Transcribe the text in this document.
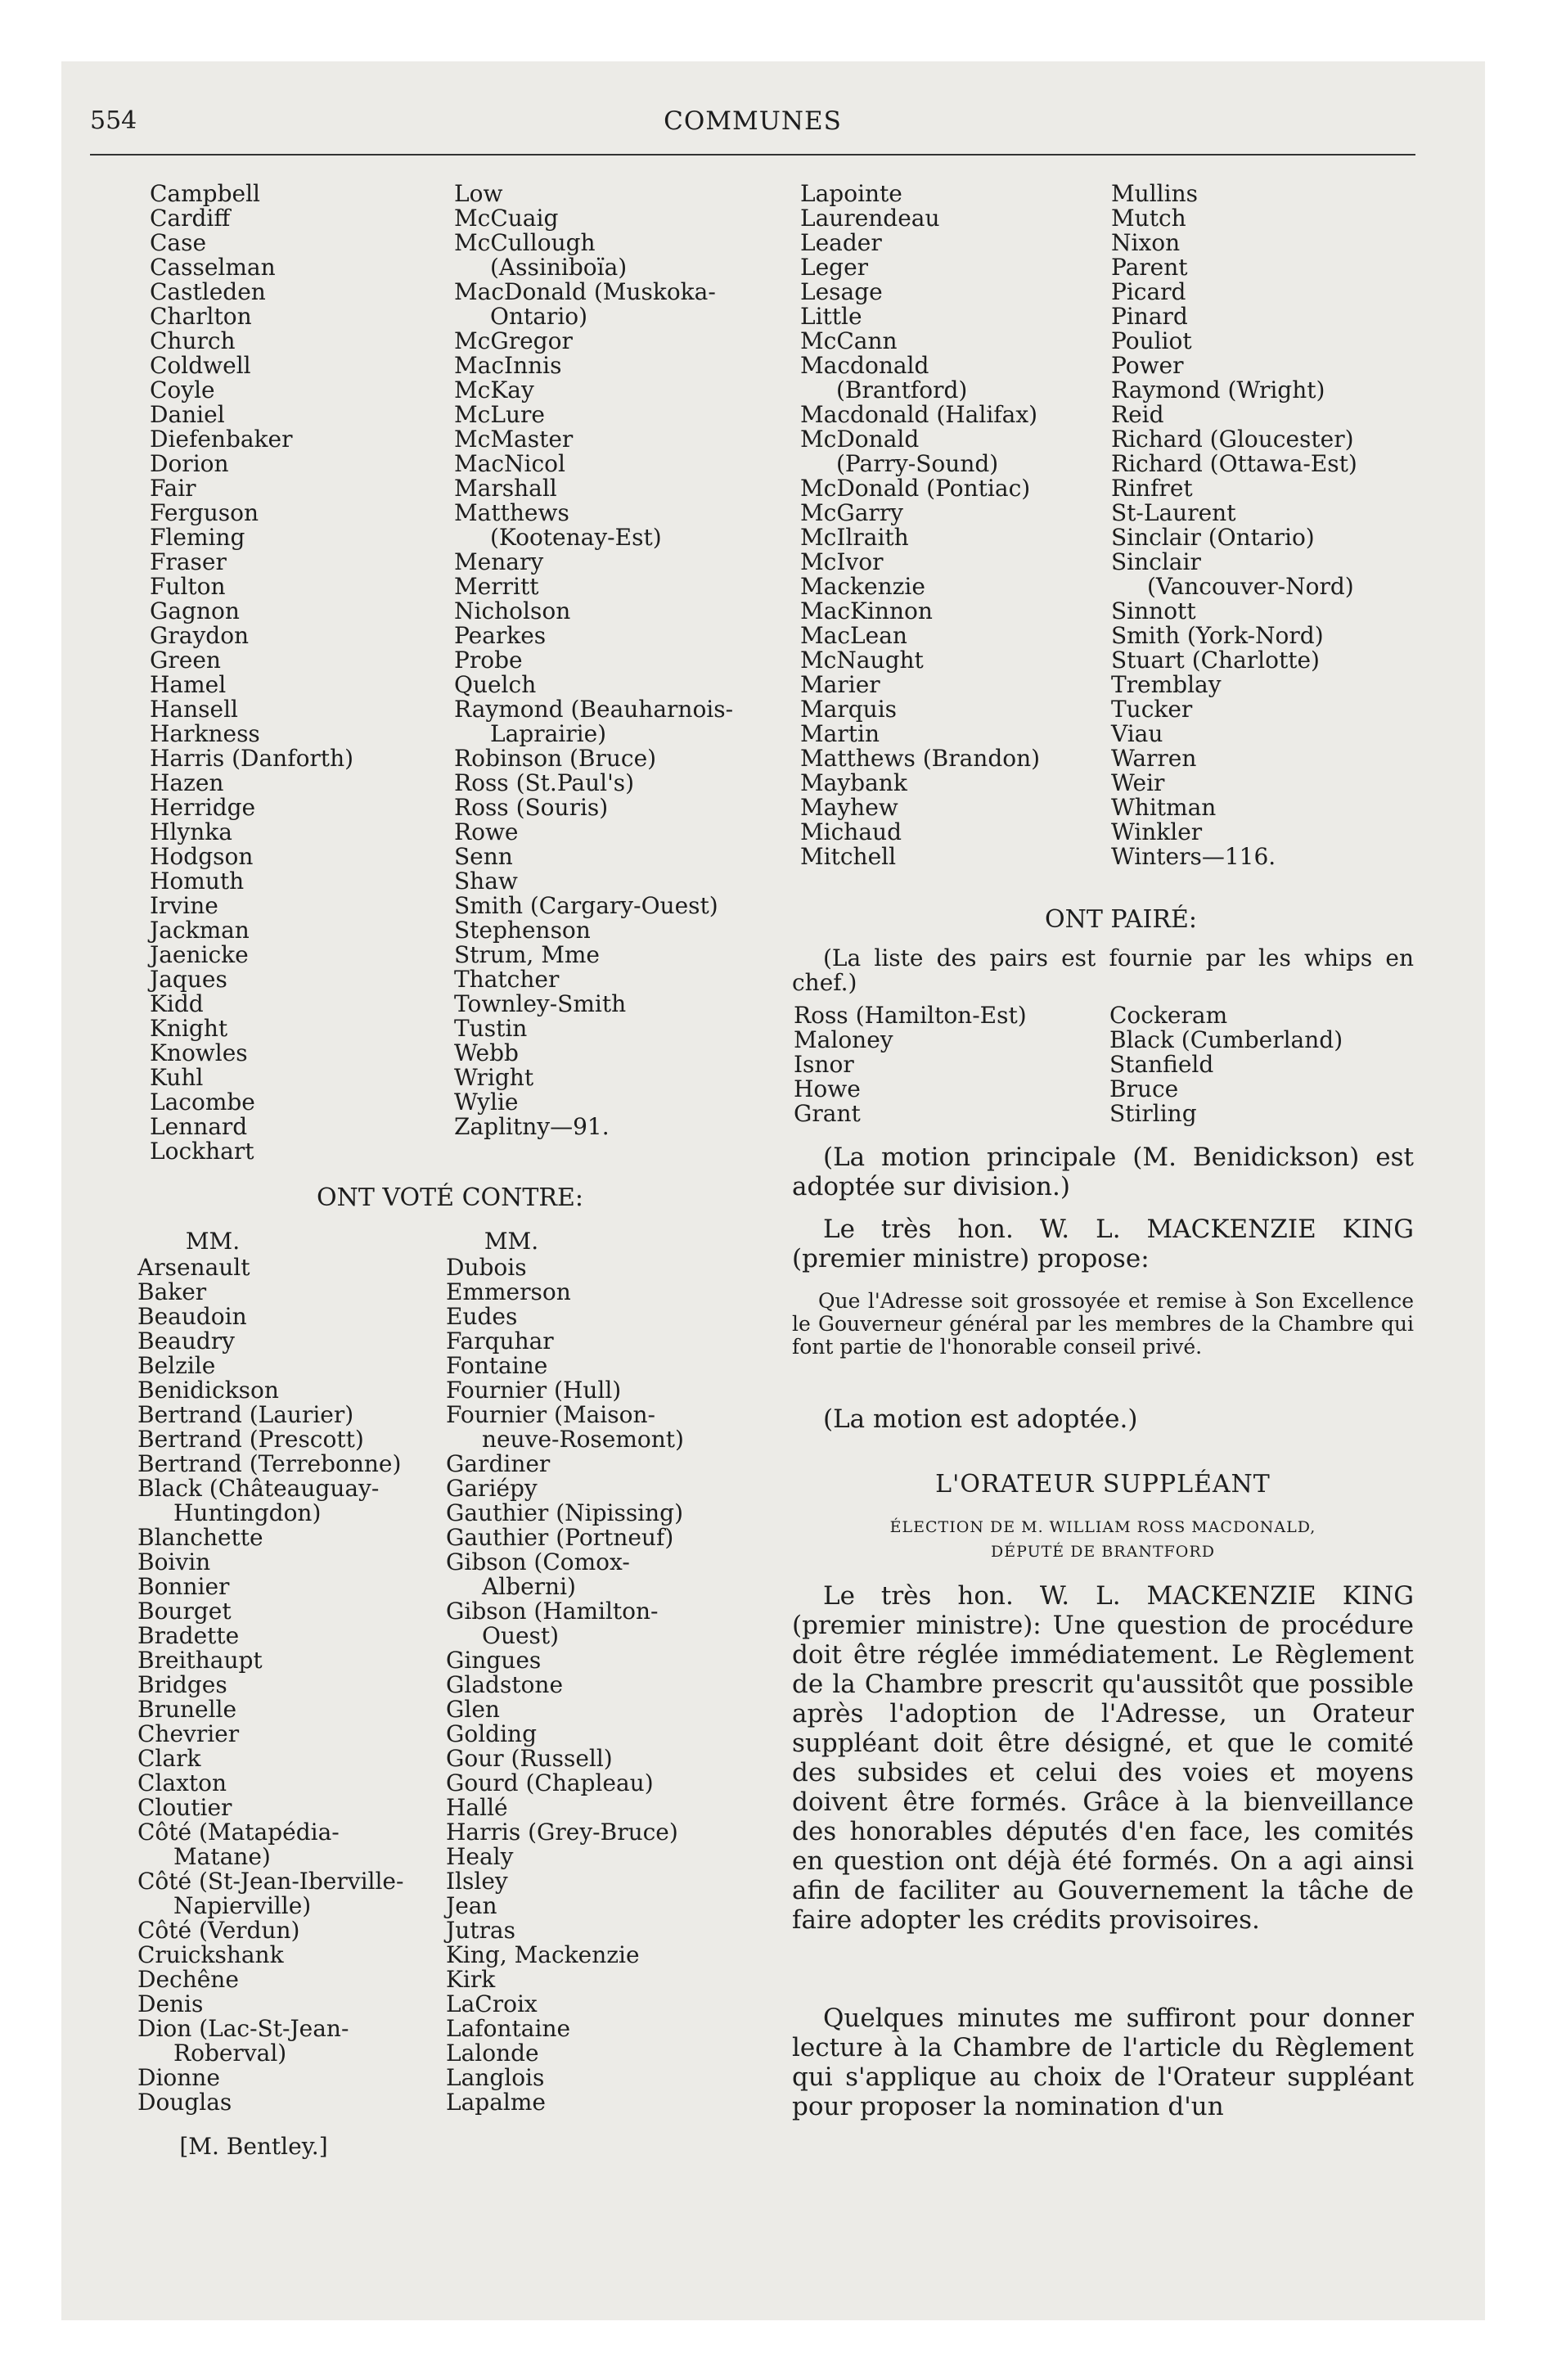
554	COMMUNES
Campbell
Cardiff
Case
Casselman
Castleden
Charlton
Church
Coldwell
Coyle
Daniel
Diefenbaker
Dorion
Fair
Ferguson
Fleming
Fraser
Fulton
Gagnon
Graydon
Green
Hamel
Hansell
Harkness
Harris (Danforth)
Hazen
Herridge
Hlynka
Hodgson
Homuth
Irvine
Jackman
Jaenicke
Jaques
Kidd
Knight
Knowles
Kuhl
Lacombe
Lennard
Lockhart
Low
McCuaig
McCullough
(Assiniboïa)
MacDonald (Muskoka-
Ontario)
McGregor
MacInnis
McKay
McLure
McMaster
MacNicol
Marshall
Matthews
(Kootenay-Est)
Menary
Merritt
Nicholson
Pearkes
Probe
Quelch
Raymond (Beauharnois-
Laprairie)
Robinson (Bruce)
Ross (St.Paul's)
Ross (Souris)
Rowe
Senn
Shaw
Smith (Cargary-Ouest)
Stephenson
Strum, Mme
Thatcher
Townley-Smith
Tustin
Webb
Wright
Wylie
Zaplitny—91.
ONT VOTÉ CONTRE:
MM.	MM.
Arsenault
Baker
Beaudoin
Beaudry
Belzile
Benidickson
Bertrand (Laurier)
Bertrand (Prescott)
Bertrand (Terrebonne)
Black (Châteauguay-
Huntingdon)
Blanchette
Boivin
Bonnier
Bourget
Bradette
Breithaupt
Bridges
Brunelle
Chevrier
Clark
Claxton
Cloutier
Côté (Matapédia-
Matane)
Côté (St-Jean-Iberville-
Napierville)
Côté (Verdun)
Cruickshank
Dechêne
Denis
Dion (Lac-St-Jean-
Roberval)
Dionne
Douglas
Dubois
Emmerson
Eudes
Farquhar
Fontaine
Fournier (Hull)
Fournier (Maison-
neuve-Rosemont)
Gardiner
Gariépy
Gauthier (Nipissing)
Gauthier (Portneuf)
Gibson (Comox-
Alberni)
Gibson (Hamilton-
Ouest)
Gingues
Gladstone
Glen
Golding
Gour (Russell)
Gourd (Chapleau)
Hallé
Harris (Grey-Bruce)
Healy
Ilsley
Jean
Jutras
King, Mackenzie
Kirk
LaCroix
Lafontaine
Lalonde
Langlois
Lapalme
[M. Bentley.]
Lapointe
Laurendeau
Leader
Leger
Lesage
Little
McCann
Macdonald
(Brantford)
Macdonald (Halifax)
McDonald
(Parry-Sound)
McDonald (Pontiac)
McGarry
McIlraith
McIvor
Mackenzie
MacKinnon
MacLean
McNaught
Marier
Marquis
Martin
Matthews (Brandon)
Maybank
Mayhew
Michaud
Mitchell
Mullins
Mutch
Nixon
Parent
Picard
Pinard
Pouliot
Power
Raymond (Wright)
Reid
Richard (Gloucester)
Richard (Ottawa-Est)
Rinfret
St-Laurent
Sinclair (Ontario)
Sinclair
(Vancouver-Nord)
Sinnott
Smith (York-Nord)
Stuart (Charlotte)
Tremblay
Tucker
Viau
Warren
Weir
Whitman
Winkler
Winters—116.
ONT PAIRÉ:
(La liste des pairs est fournie par les whips en chef.)
Ross (Hamilton-Est)
Maloney
Isnor
Howe
Grant
Cockeram
Black (Cumberland)
Stanfield
Bruce
Stirling
(La motion principale (M. Benidickson) est adoptée sur division.)
Le très hon. W. L. MACKENZIE KING (premier ministre) propose:
Que l'Adresse soit grossoyée et remise à Son Excellence le Gouverneur général par les membres de la Chambre qui font partie de l'honorable conseil privé.
(La motion est adoptée.)
L'ORATEUR SUPPLÉANT
ÉLECTION DE M. WILLIAM ROSS MACDONALD,
DÉPUTÉ DE BRANTFORD
Le très hon. W. L. MACKENZIE KING (premier ministre): Une question de procédure doit être réglée immédiatement. Le Règlement de la Chambre prescrit qu'aussitôt que possible après l'adoption de l'Adresse, un Orateur suppléant doit être désigné, et que le comité des subsides et celui des voies et moyens doivent être formés. Grâce à la bienveillance des honorables députés d'en face, les comités en question ont déjà été formés. On a agi ainsi afin de faciliter au Gouvernement la tâche de faire adopter les crédits provisoires.
Quelques minutes me suffiront pour donner lecture à la Chambre de l'article du Règlement qui s'applique au choix de l'Orateur suppléant pour proposer la nomination d'un
